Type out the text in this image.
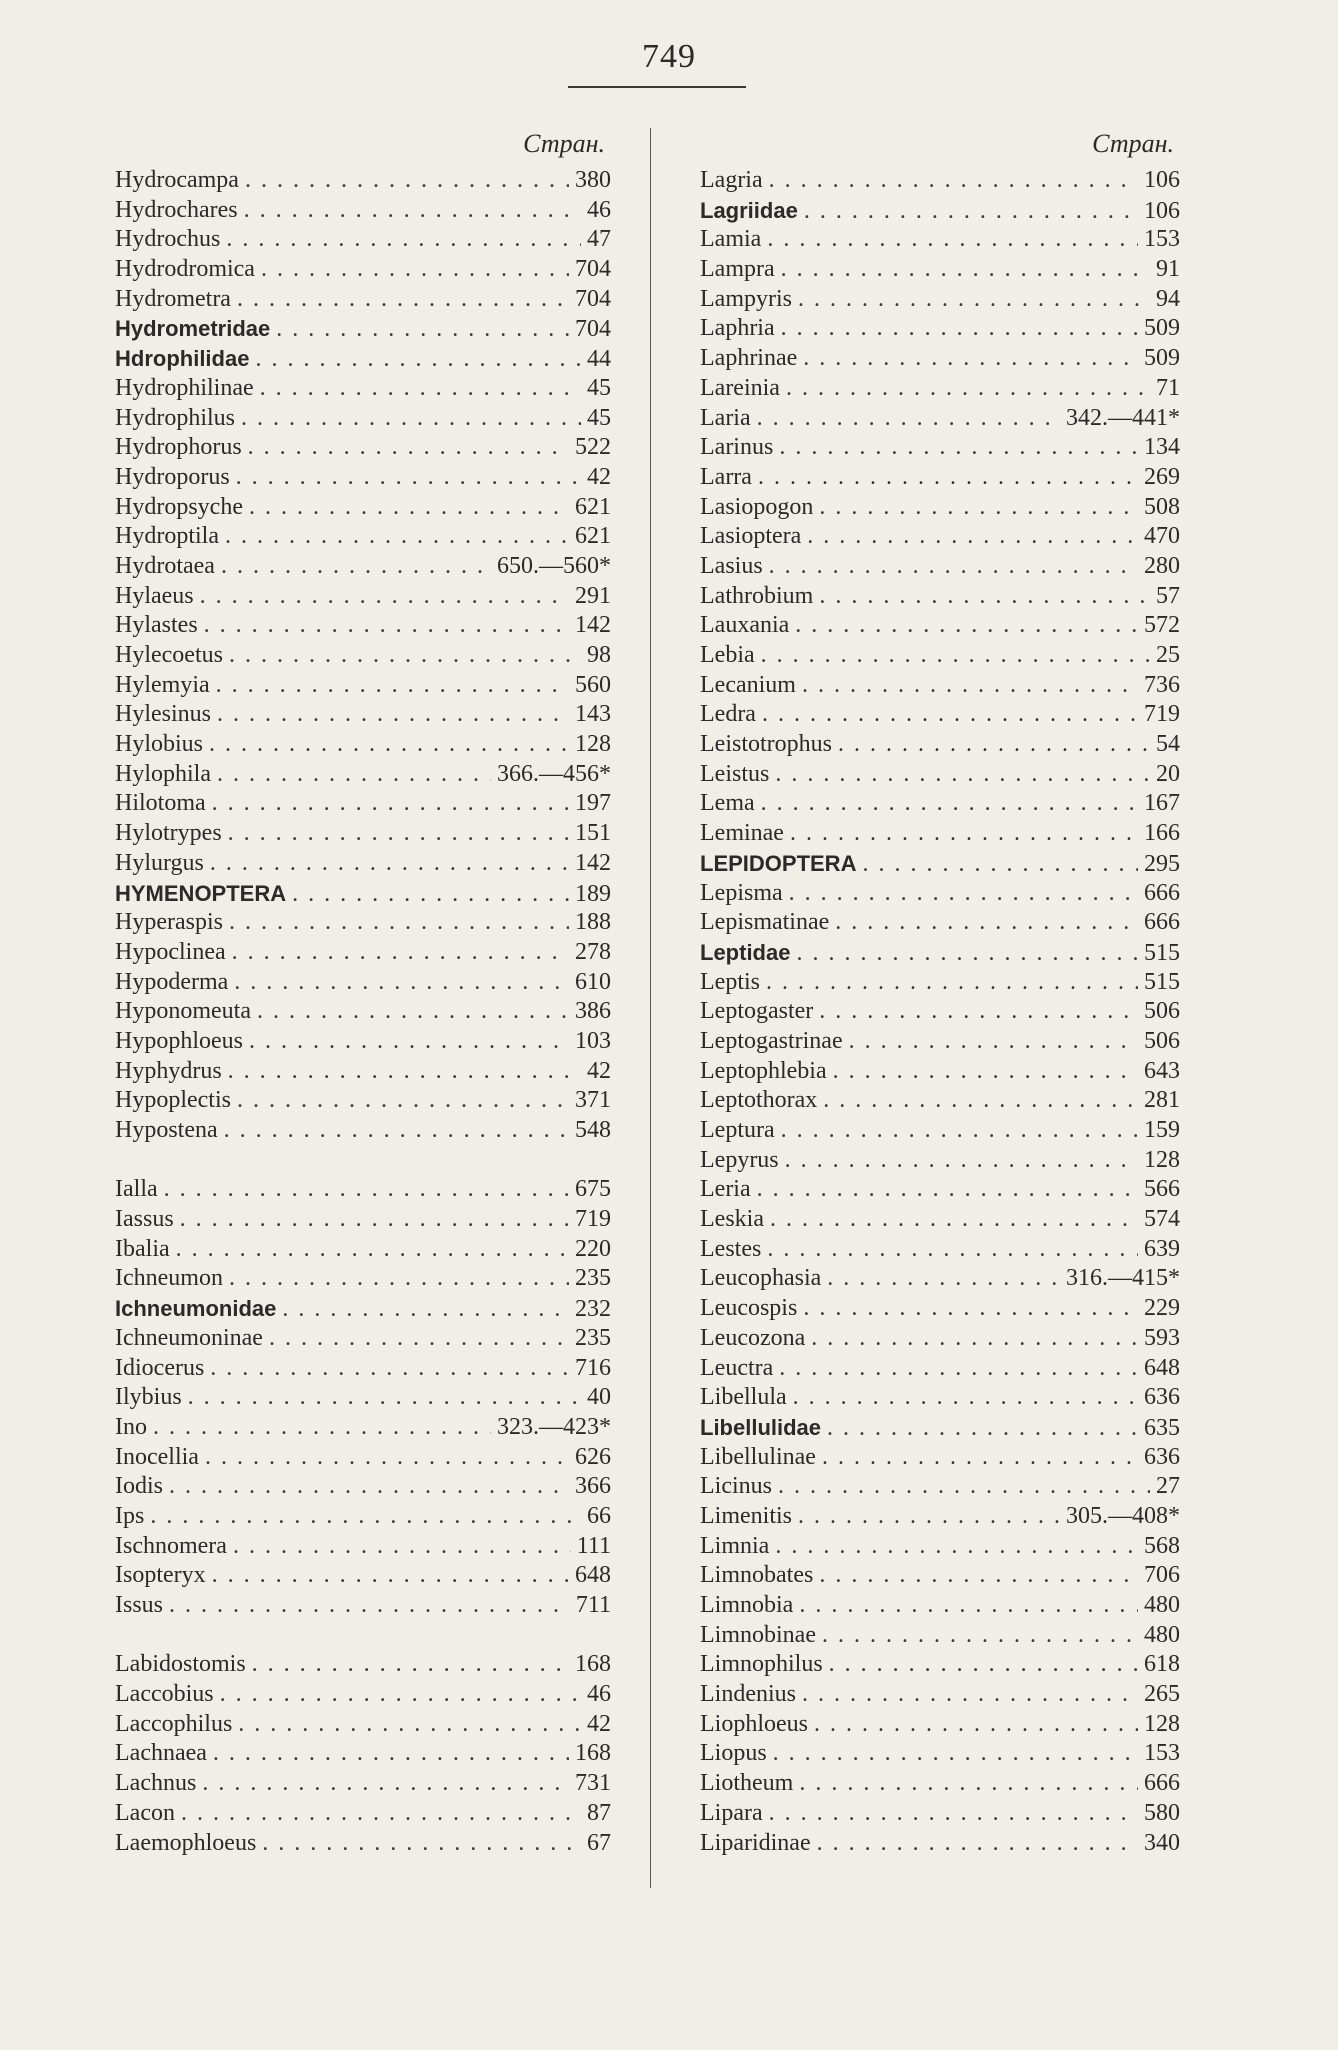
749
Стран.
Hydrocampa . . .	380
Hydrochares . . .	46
Hydrochus . . .	47
Hydrodromica . . .	704
Hydrometra . . .	704
Hydrometridae . . .	704
Hdrophilidae . . .	44
Hydrophilinae . . .	45
Hydrophilus . . .	45
Hydrophorus . . .	522
Hydroporus . . .	42
Hydropsyche . . .	621
Hydroptila . . .	621
Hydrotaea . . .	650.—560*
Hylaeus . . .	291
Hylastes . . .	142
Hylecoetus . . .	98
Hylemyia . . .	560
Hylesinus . . .	143
Hylobius . . .	128
Hylophila . . .	366.—456*
Hilotoma . . .	197
Hylotrypes . . .	151
Hylurgus . . .	142
HYMENOPTERA . . .	189
Hyperaspis . . .	188
Hypoclinea . . .	278
Hypoderma . . .	610
Hyponomeuta . . .	386
Hypophloeus . . .	103
Hyphydrus . . .	42
Hypoplectis . . .	371
Hypostena . . .	548
Ialla . . .	675
Iassus . . .	719
Ibalia . . .	220
Ichneumon . . .	235
Ichneumonidae . . .	232
Ichneumoninae . . .	235
Idiocerus . . .	716
Ilybius . . .	40
Ino . . .	323.—423*
Inocellia . . .	626
Iodis . . .	366
Ips . . .	66
Ischnomera . . .	111
Isopteryx . . .	648
Issus . . .	711
Labidostomis . . .	168
Laccobius . . .	46
Laccophilus . . .	42
Lachnaea . . .	168
Lachnus . . .	731
Lacon . . .	87
Laemophloeus . . .	67
Стран.
Lagria . . .	106
Lagriidae . . .	106
Lamia . . .	153
Lampra . . .	91
Lampyris . . .	94
Laphria . . .	509
Laphrinae . . .	509
Lareinia . . .	71
Laria . . .	342.—441*
Larinus . . .	134
Larra . . .	269
Lasiopogon . . .	508
Lasioptera . . .	470
Lasius . . .	280
Lathrobium . . .	57
Lauxania . . .	572
Lebia . . .	25
Lecanium . . .	736
Ledra . . .	719
Leistotrophus . . .	54
Leistus . . .	20
Lema . . .	167
Leminae . . .	166
LEPIDOPTERA . . .	295
Lepisma . . .	666
Lepismatinae . . .	666
Leptidae . . .	515
Leptis . . .	515
Leptogaster . . .	506
Leptogastrinae . . .	506
Leptophlebia . . .	643
Leptothorax . . .	281
Leptura . . .	159
Lepyrus . . .	128
Leria . . .	566
Leskia . . .	574
Lestes . . .	639
Leucophasia . . .	316.—415*
Leucospis . . .	229
Leucozona . . .	593
Leuctra . . .	648
Libellula . . .	636
Libellulidae . . .	635
Libellulinae . . .	636
Licinus . . .	27
Limenitis . . .	305.—408*
Limnia . . .	568
Limnobates . . .	706
Limnobia . . .	480
Limnobinae . . .	480
Limnophilus . . .	618
Lindenius . . .	265
Liophloeus . . .	128
Liopus . . .	153
Liotheum . . .	666
Lipara . . .	580
Liparidinae . . .	340
